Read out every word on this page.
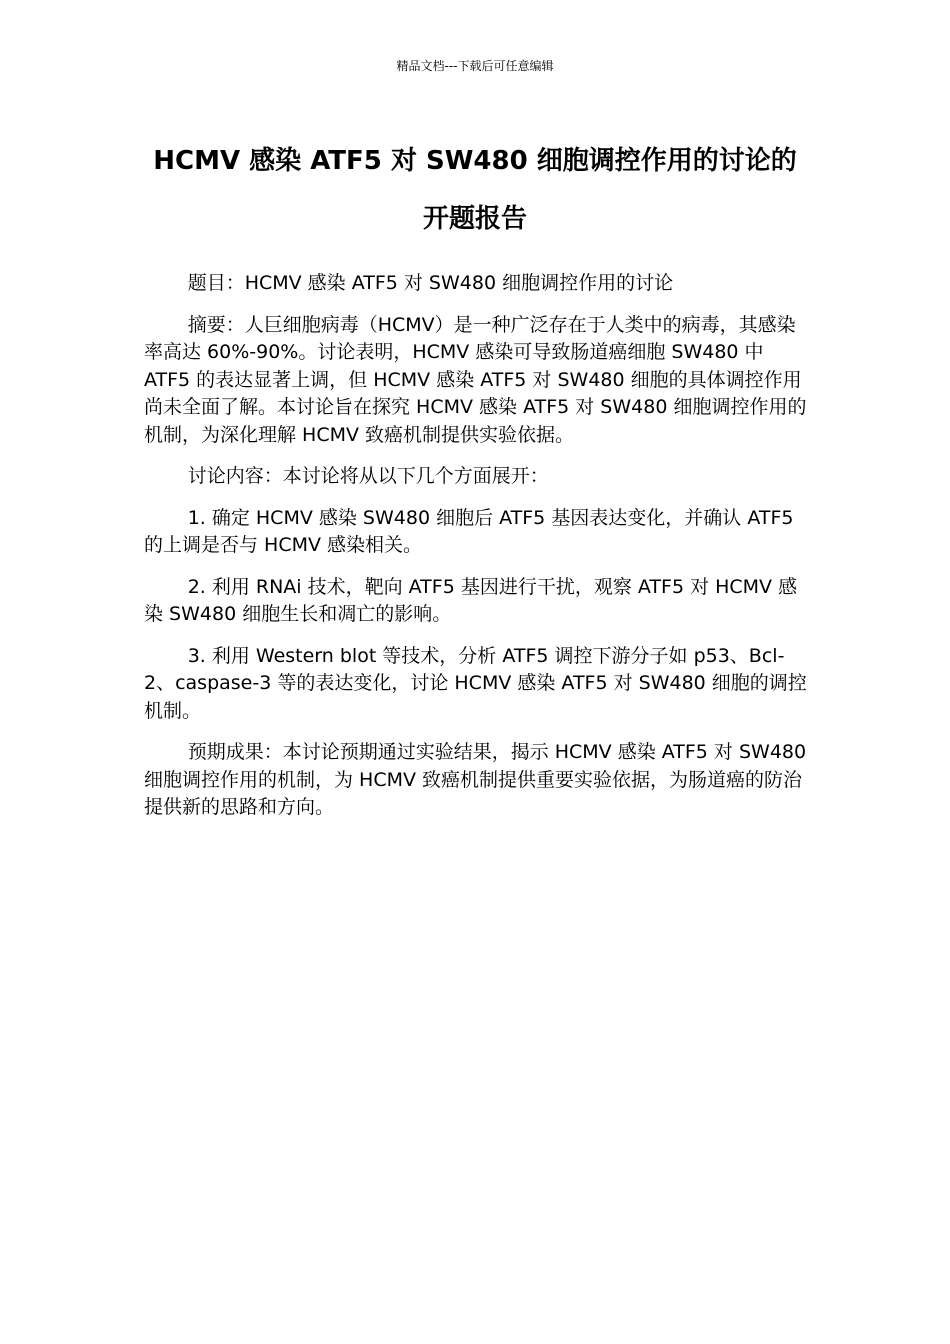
精品文档---下载后可任意编辑
HCMV 感染 ATF5 对 SW480 细胞调控作用的讨论的
开题报告

题目：HCMV 感染 ATF5 对 SW480 细胞调控作用的讨论

摘要：人巨细胞病毒（HCMV）是一种广泛存在于人类中的病毒，其感染率高达 60%-90%。讨论表明，HCMV 感染可导致肠道癌细胞 SW480 中 ATF5 的表达显著上调，但 HCMV 感染 ATF5 对 SW480 细胞的具体调控作用尚未全面了解。本讨论旨在探究 HCMV 感染 ATF5 对 SW480 细胞调控作用的机制，为深化理解 HCMV 致癌机制提供实验依据。

讨论内容：本讨论将从以下几个方面展开：

1. 确定 HCMV 感染 SW480 细胞后 ATF5 基因表达变化，并确认 ATF5 的上调是否与 HCMV 感染相关。

2. 利用 RNAi 技术，靶向 ATF5 基因进行干扰，观察 ATF5 对 HCMV 感染 SW480 细胞生长和凋亡的影响。

3. 利用 Western blot 等技术，分析 ATF5 调控下游分子如 p53、Bcl-2、caspase-3 等的表达变化，讨论 HCMV 感染 ATF5 对 SW480 细胞的调控机制。

预期成果：本讨论预期通过实验结果，揭示 HCMV 感染 ATF5 对 SW480 细胞调控作用的机制，为 HCMV 致癌机制提供重要实验依据，为肠道癌的防治提供新的思路和方向。
